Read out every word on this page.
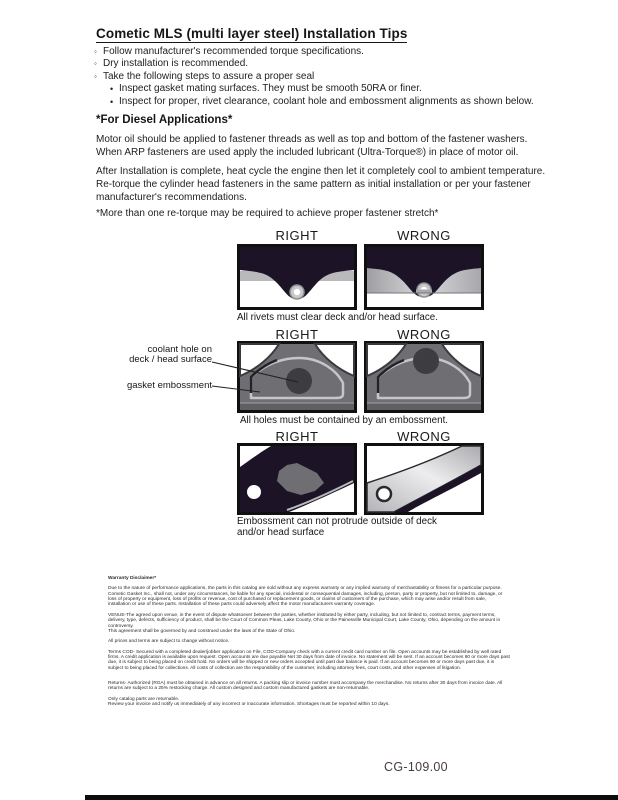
Cometic MLS (multi layer steel) Installation Tips
◦ Follow manufacturer's recommended torque specifications.
◦ Dry installation is recommended.
◦ Take the following steps to assure a proper seal
• Inspect gasket mating surfaces. They must be smooth 50RA or finer.
• Inspect for proper, rivet clearance, coolant hole and embossment alignments as shown below.
*For Diesel Applications*
Motor oil should be applied to fastener threads as well as top and bottom of the fastener washers. When ARP fasteners are used apply the included lubricant (Ultra-Torque®) in place of motor oil.
After Installation is complete, heat cycle the engine then let it completely cool to ambient temperature. Re-torque the cylinder head fasteners in the same pattern as initial installation or per your fastener manufacturer's recommendations.
*More than one re-torque may be required to achieve proper fastener stretch*
RIGHT	WRONG
All rivets must clear deck and/or head surface.
RIGHT	WRONG
coolant hole on
deck / head surface
gasket embossment
All holes must be contained by an embossment.
RIGHT	WRONG
Embossment can not protrude outside of deck
and/or head surface
Warranty Disclaimer*
Due to the nature of performance applications, the parts in this catalog are sold without any express warranty or any implied warranty of merchantability or fitness for a particular purpose. Cometic Gasket Inc., shall not, under any circumstances, be liable for any special, incidental or consequential damages, including, person, party or property, but not limited to, damage, or loss of property or equipment, loss of profits or revenue, cost of purchased or replacement goods, or claims of customers of the purchase, which may arise and/or result from sale, installation or use of these parts. Installation of these parts could adversely affect the motor manufacturers warranty coverage.
VENUE-The agreed upon venue, in the event of dispute whatsoever between the parties, whether instituted by either party, including, but not limited to, contract terms, payment terms, delivery, type, defects, sufficiency of product, shall be the Court of Common Pleas, Lake County, Ohio or the Painesville Municipal Court, Lake County, Ohio, depending on the amount in controversy.
This agreement shall be governed by and construed under the laws of the State of Ohio.
All prices and terms are subject to change without notice.
Terms COD- Secured with a completed dealer/jobber application on File, COD-Company check with a current credit card number on file. Open accounts may be established by well rated firms. A credit application is available upon request. Open accounts are due payable Net 30 days from date of invoice. No statement will be sent. If an account becomes 60 or more days past due, it is subject to being placed on credit hold. No orders will be shipped or new orders accepted until past due balance is paid. If an account becomes 90 or more days past due, it is subject to being placed for collections. All costs of collection are the responsibility of the customer, including attorney fees, court costs, and other expenses of litigation.
Returns- Authorized (RGA) must be obtained in advance on all returns. A packing slip or invoice number must accompany the merchandise. No returns after 30 days from invoice date. All returns are subject to a 25% restocking charge. All custom designed and custom manufactured gaskets are non-returnable.
Only catalog parts are returnable.
Review your invoice and notify us immediately of any incorrect or inaccurate information. Shortages must be reported within 10 days.
CG-109.00
